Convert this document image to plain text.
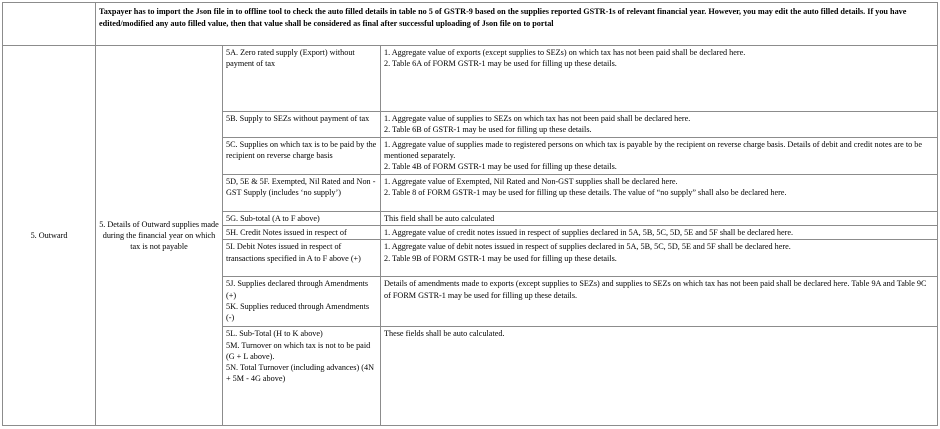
	Taxpayer has to import the Json file in to offline tool to check the auto filled details in table no 5 of GSTR-9 based on the supplies reported GSTR-1s of relevant financial year. However, you may edit the auto filled details. If you have edited/modified any auto filled value, then that value shall be considered as final after successful uploading of Json file on to portal		
5. Outward	5. Details of Outward supplies made during the financial year on which tax is not payable	5A. Zero rated supply (Export) without payment of tax	1. Aggregate value of exports (except supplies to SEZs) on which tax has not been paid shall be declared here.
2. Table 6A of FORM GSTR-1 may be used for filling up these details.

		5B. Supply to SEZs without payment of tax	1. Aggregate value of supplies to SEZs on which tax has not been paid shall be declared here.
2. Table 6B of GSTR-1 may be used for filling up these details.

		5C. Supplies on which tax is to be paid by the recipient on reverse charge basis	1. Aggregate value of supplies made to registered persons on which tax is payable by the recipient on reverse charge basis. Details of debit and credit notes are to be mentioned separately.
2. Table 4B of FORM GSTR-1 may be used for filling up these details.

		5D, 5E & 5F. Exempted, Nil Rated and Non -GST Supply (includes ‘no supply’)	1. Aggregate value of Exempted, Nil Rated and Non-GST supplies shall be declared here.
2. Table 8 of FORM GSTR-1 may be used for filling up these details. The value of “no supply” shall also be declared here.

		5G. Sub-total (A to F above)	This field shall be auto calculated

		5H. Credit Notes issued in respect of	1. Aggregate value of credit notes issued in respect of supplies declared in 5A, 5B, 5C, 5D, 5E and 5F shall be declared here.

		5I. Debit Notes issued in respect of transactions specified in A to F above (+)	1. Aggregate value of debit notes issued in respect of supplies declared in 5A, 5B, 5C, 5D, 5E and 5F shall be declared here.
2. Table 9B of FORM GSTR-1 may be used for filling up these details.

		5J. Supplies declared through Amendments (+)
5K. Supplies reduced through Amendments (-)	Details of amendments made to exports (except supplies to SEZs) and supplies to SEZs on which tax has not been paid shall be declared here. Table 9A and Table 9C of FORM GSTR-1 may be used for filling up these details.

		5L. Sub-Total (H to K above)
5M. Turnover on which tax is not to be paid (G + L above).
5N. Total Turnover (including advances) (4N + 5M - 4G above)	These fields shall be auto calculated.
